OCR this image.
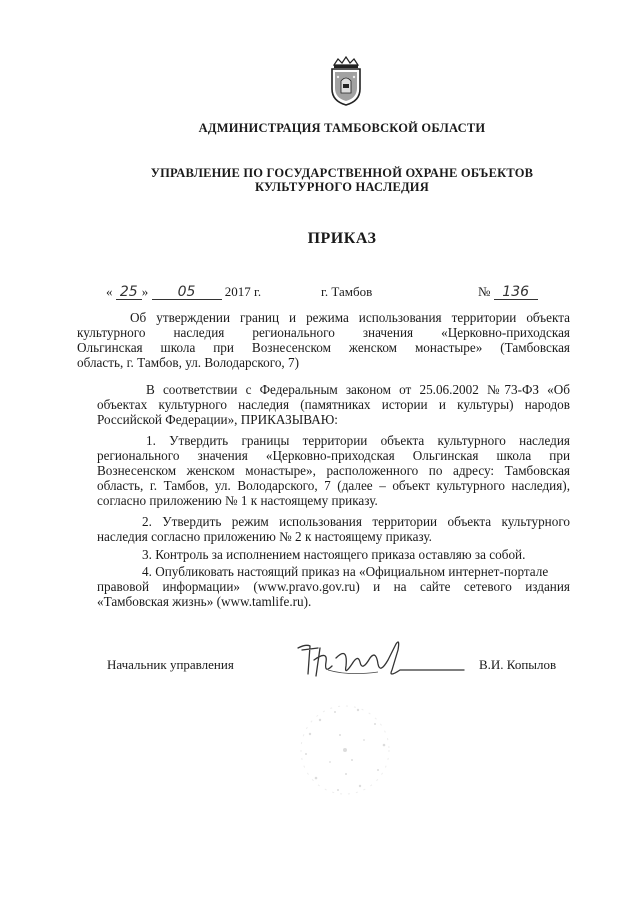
АДМИНИСТРАЦИЯ ТАМБОВСКОЙ ОБЛАСТИ
УПРАВЛЕНИЕ ПО ГОСУДАРСТВЕННОЙ ОХРАНЕ ОБЪЕКТОВ
КУЛЬТУРНОГО НАСЛЕДИЯ
ПРИКАЗ
« 25 » 05 2017 г.	г. Тамбов	№ 136
Об утверждении границ и режима использования территории объекта
культурного наследия регионального значения «Церковно-приходская
Ольгинская школа при Вознесенском женском монастыре» (Тамбовская
область, г. Тамбов, ул. Володарского, 7)
В соответствии с Федеральным законом от 25.06.2002 №73-ФЗ «Об
объектах культурного наследия (памятниках истории и культуры) народов
Российской Федерации», ПРИКАЗЫВАЮ:
1. Утвердить границы территории объекта культурного наследия
регионального значения «Церковно-приходская Ольгинская школа при
Вознесенском женском монастыре», расположенного по адресу: Тамбовская
область, г. Тамбов, ул. Володарского, 7 (далее – объект культурного наследия),
согласно приложению № 1 к настоящему приказу.
2. Утвердить режим использования территории объекта культурного
наследия согласно приложению № 2 к настоящему приказу.
3. Контроль за исполнением настоящего приказа оставляю за собой.
4. Опубликовать настоящий приказ на «Официальном интернет-портале
правовой информации» (www.pravo.gov.ru) и на сайте сетевого издания
«Тамбовская жизнь» (www.tamlife.ru).
Начальник управления	В.И. Копылов
